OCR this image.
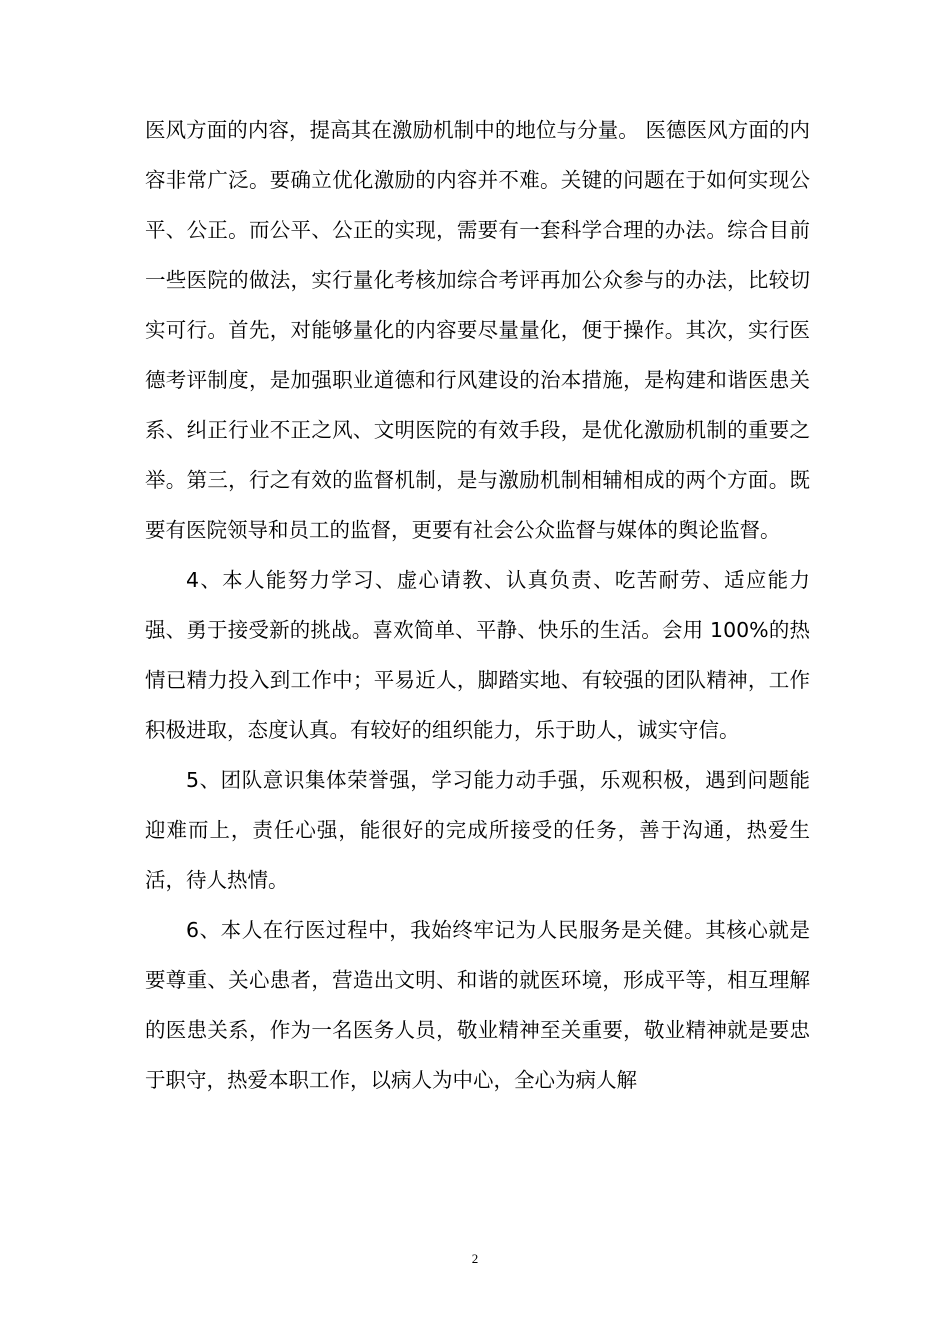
医风方面的内容，提高其在激励机制中的地位与分量。 医德医风方面的内容非常广泛。要确立优化激励的内容并不难。关键的问题在于如何实现公平、公正。而公平、公正的实现，需要有一套科学合理的办法。综合目前一些医院的做法，实行量化考核加综合考评再加公众参与的办法，比较切实可行。首先，对能够量化的内容要尽量量化，便于操作。其次，实行医德考评制度，是加强职业道德和行风建设的治本措施，是构建和谐医患关系、纠正行业不正之风、文明医院的有效手段，是优化激励机制的重要之举。第三，行之有效的监督机制，是与激励机制相辅相成的两个方面。既要有医院领导和员工的监督，更要有社会公众监督与媒体的舆论监督。

4、本人能努力学习、虚心请教、认真负责、吃苦耐劳、适应能力强、勇于接受新的挑战。喜欢简单、平静、快乐的生活。会用 100%的热情已精力投入到工作中；平易近人，脚踏实地、有较强的团队精神，工作积极进取，态度认真。有较好的组织能力，乐于助人，诚实守信。

5、团队意识集体荣誉强，学习能力动手强，乐观积极，遇到问题能迎难而上，责任心强，能很好的完成所接受的任务，善于沟通，热爱生活，待人热情。

6、本人在行医过程中，我始终牢记为人民服务是关健。其核心就是要尊重、关心患者，营造出文明、和谐的就医环境，形成平等，相互理解的医患关系，作为一名医务人员，敬业精神至关重要，敬业精神就是要忠于职守，热爱本职工作，以病人为中心，全心为病人解

2
